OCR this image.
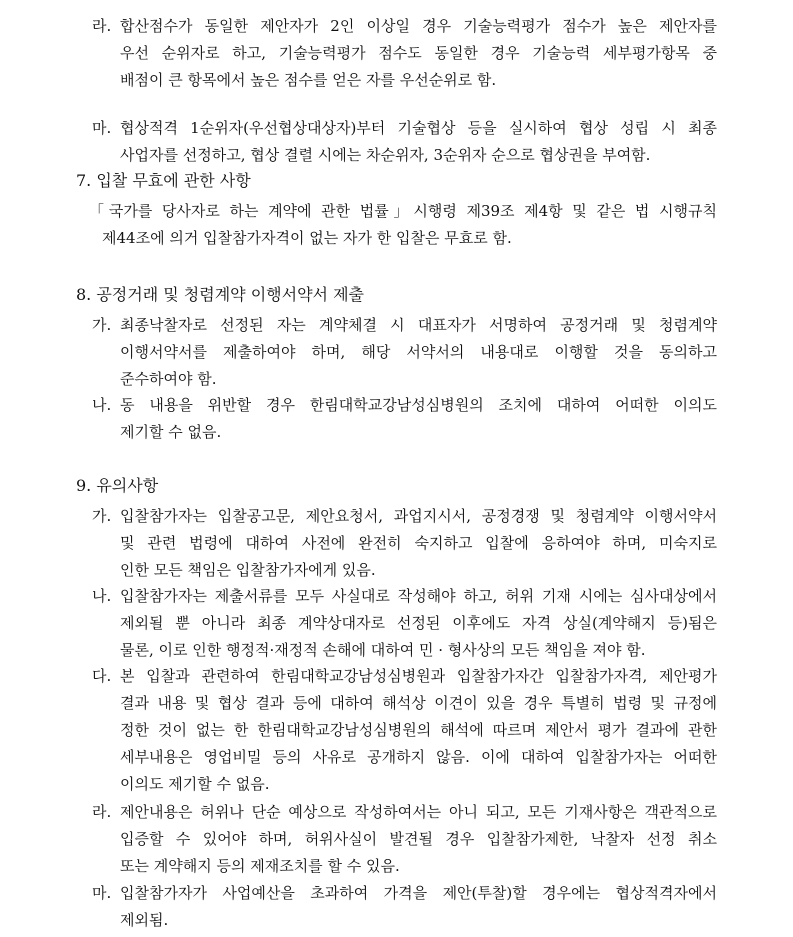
라. 합산점수가 동일한 제안자가 2인 이상일 경우 기술능력평가 점수가 높은 제안자를
우선 순위자로 하고, 기술능력평가 점수도 동일한 경우 기술능력 세부평가항목 중
배점이 큰 항목에서 높은 점수를 얻은 자를 우선순위로 함.
마. 협상적격 1순위자(우선협상대상자)부터 기술협상 등을 실시하여 협상 성립 시 최종
사업자를 선정하고, 협상 결렬 시에는 차순위자, 3순위자 순으로 협상권을 부여함.
7. 입찰 무효에 관한 사항
「국가를 당사자로 하는 계약에 관한 법률」시행령 제39조 제4항 및 같은 법 시행규칙
제44조에 의거 입찰참가자격이 없는 자가 한 입찰은 무효로 함.
8. 공정거래 및 청렴계약 이행서약서 제출
가. 최종낙찰자로 선정된 자는 계약체결 시 대표자가 서명하여 공정거래 및 청렴계약
이행서약서를 제출하여야 하며, 해당 서약서의 내용대로 이행할 것을 동의하고
준수하여야 함.
나. 동 내용을 위반할 경우 한림대학교강남성심병원의 조치에 대하여 어떠한 이의도
제기할 수 없음.
9. 유의사항
가. 입찰참가자는 입찰공고문, 제안요청서, 과업지시서, 공정경쟁 및 청렴계약 이행서약서
및 관련 법령에 대하여 사전에 완전히 숙지하고 입찰에 응하여야 하며, 미숙지로
인한 모든 책임은 입찰참가자에게 있음.
나. 입찰참가자는 제출서류를 모두 사실대로 작성해야 하고, 허위 기재 시에는 심사대상에서
제외될 뿐 아니라 최종 계약상대자로 선정된 이후에도 자격 상실(계약해지 등)됨은
물론, 이로 인한 행정적·재정적 손해에 대하여 민 · 형사상의 모든 책임을 져야 함.
다. 본 입찰과 관련하여 한림대학교강남성심병원과 입찰참가자간 입찰참가자격, 제안평가
결과 내용 및 협상 결과 등에 대하여 해석상 이견이 있을 경우 특별히 법령 및 규정에
정한 것이 없는 한 한림대학교강남성심병원의 해석에 따르며 제안서 평가 결과에 관한
세부내용은 영업비밀 등의 사유로 공개하지 않음. 이에 대하여 입찰참가자는 어떠한
이의도 제기할 수 없음.
라. 제안내용은 허위나 단순 예상으로 작성하여서는 아니 되고, 모든 기재사항은 객관적으로
입증할 수 있어야 하며, 허위사실이 발견될 경우 입찰참가제한, 낙찰자 선정 취소
또는 계약해지 등의 제재조치를 할 수 있음.
마. 입찰참가자가 사업예산을 초과하여 가격을 제안(투찰)할 경우에는 협상적격자에서
제외됨.
